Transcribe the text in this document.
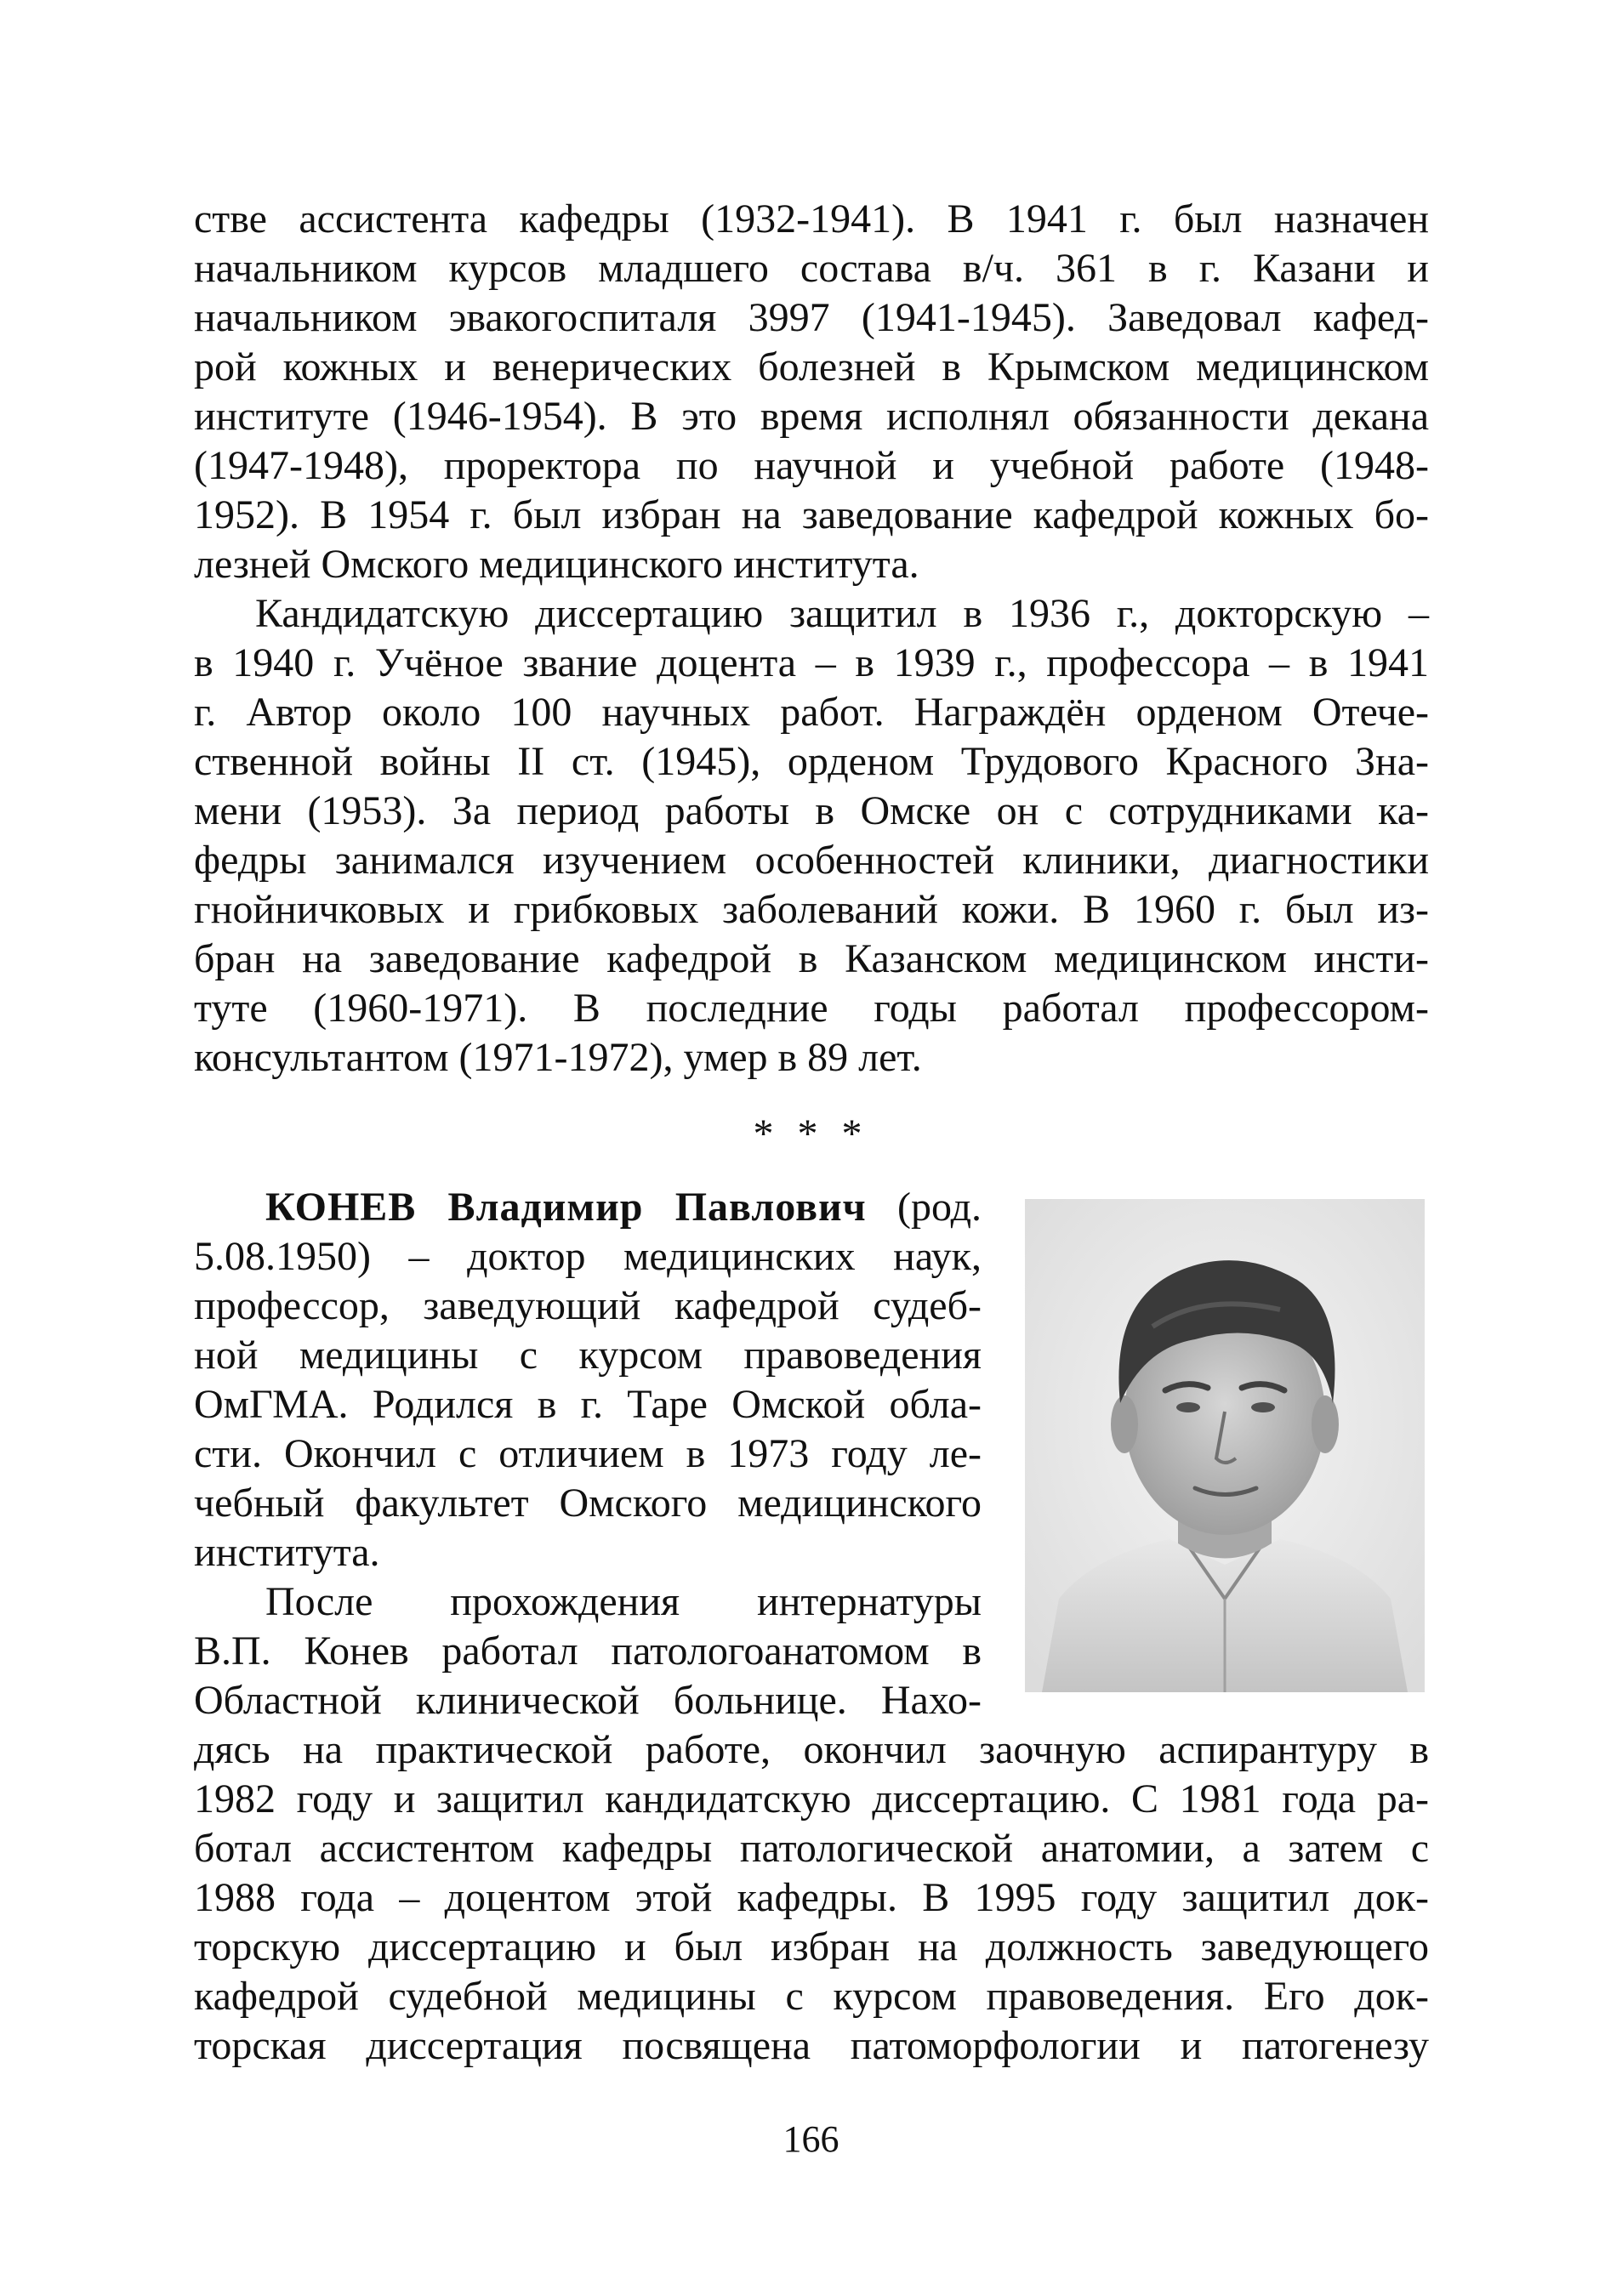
стве ассистента кафедры (1932-1941). В 1941 г. был назначен
начальником курсов младшего состава в/ч. 361 в г. Казани и
начальником эвакогоспиталя 3997 (1941-1945). Заведовал кафед-
рой кожных и венерических болезней в Крымском медицинском
институте (1946-1954). В это время исполнял обязанности декана
(1947-1948), проректора по научной и учебной работе (1948-
1952). В 1954 г. был избран на заведование кафедрой кожных бо-
лезней Омского медицинского института.
Кандидатскую диссертацию защитил в 1936 г., докторскую –
в 1940 г. Учёное звание доцента – в 1939 г., профессора – в 1941
г. Автор около 100 научных работ. Награждён орденом Отече-
ственной войны II ст. (1945), орденом Трудового Красного Зна-
мени (1953). За период работы в Омске он с сотрудниками ка-
федры занимался изучением особенностей клиники, диагностики
гнойничковых и грибковых заболеваний кожи. В 1960 г. был из-
бран на заведование кафедрой в Казанском медицинском инсти-
туте (1960-1971). В последние годы работал профессором-
консультантом (1971-1972), умер в 89 лет.
* * *
КОНЕВ Владимир Павлович (род.
5.08.1950) – доктор медицинских наук,
профессор, заведующий кафедрой судеб-
ной медицины с курсом правоведения
ОмГМА. Родился в г. Таре Омской обла-
сти. Окончил с отличием в 1973 году ле-
чебный факультет Омского медицинского
института.
После прохождения интернатуры
В.П. Конев работал патологоанатомом в
Областной клинической больнице. Нахо-
дясь на практической работе, окончил заочную аспирантуру в
1982 году и защитил кандидатскую диссертацию. С 1981 года ра-
ботал ассистентом кафедры патологической анатомии, а затем с
1988 года – доцентом этой кафедры. В 1995 году защитил док-
торскую диссертацию и был избран на должность заведующего
кафедрой судебной медицины с курсом правоведения. Его док-
торская диссертация посвящена патоморфологии и патогенезу
166
